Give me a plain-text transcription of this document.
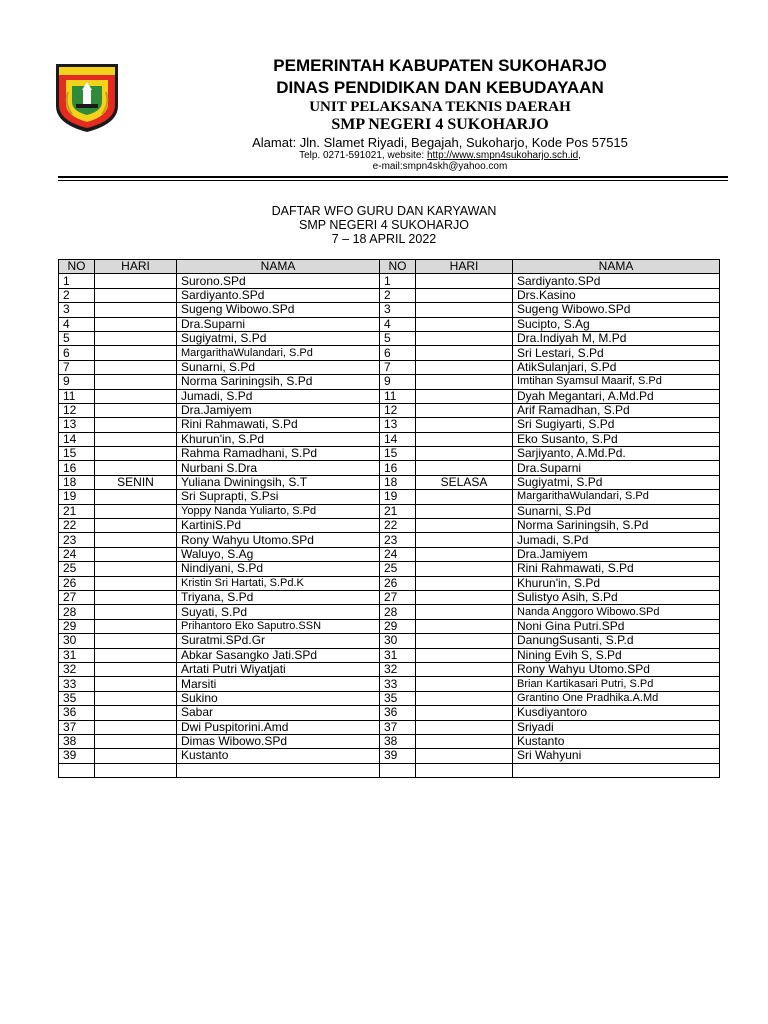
PEMERINTAH KABUPATEN SUKOHARJO
DINAS PENDIDIKAN DAN KEBUDAYAAN
UNIT PELAKSANA TEKNIS DAERAH
SMP NEGERI 4 SUKOHARJO
Alamat: Jln. Slamet Riyadi, Begajah, Sukoharjo, Kode Pos 57515
Telp. 0271-591021, website: http://www.smpn4sukoharjo.sch.id,
e-mail:smpn4skh@yahoo.com
DAFTAR WFO GURU DAN KARYAWAN
SMP NEGERI 4 SUKOHARJO
7 – 18 APRIL 2022
NO	HARI	NAMA	NO	HARI	NAMA
1		Surono.SPd	1		Sardiyanto.SPd
2		Sardiyanto.SPd	2		Drs.Kasino
3		Sugeng Wibowo.SPd	3		Sugeng Wibowo.SPd
4		Dra.Suparni	4		Sucipto, S.Ag
5		Sugiyatmi, S.Pd	5		Dra.Indiyah M, M.Pd
6		MargarithaWulandari, S.Pd	6		Sri Lestari, S.Pd
7		Sunarni, S.Pd	7		AtikSulanjari, S.Pd
9		Norma Sariningsih, S.Pd	9		Imtihan Syamsul Maarif, S.Pd
11		Jumadi, S.Pd	11		Dyah Megantari, A.Md.Pd
12		Dra.Jamiyem	12		Arif Ramadhan, S.Pd
13		Rini Rahmawati, S.Pd	13		Sri Sugiyarti, S.Pd
14		Khurun'in, S.Pd	14		Eko Susanto, S.Pd
15		Rahma Ramadhani, S.Pd	15		Sarjiyanto, A.Md.Pd.
16		Nurbani S.Dra	16		Dra.Suparni
18	SENIN	Yuliana Dwiningsih, S.T	18	SELASA	Sugiyatmi, S.Pd
19		Sri Suprapti, S.Psi	19		MargarithaWulandari, S.Pd
21		Yoppy Nanda Yuliarto, S.Pd	21		Sunarni, S.Pd
22		KartiniS.Pd	22		Norma Sariningsih, S.Pd
23		Rony Wahyu Utomo.SPd	23		Jumadi, S.Pd
24		Waluyo, S.Ag	24		Dra.Jamiyem
25		Nindiyani, S.Pd	25		Rini Rahmawati, S.Pd
26		Kristin Sri Hartati, S.Pd.K	26		Khurun'in, S.Pd
27		Triyana, S.Pd	27		Sulistyo Asih, S.Pd
28		Suyati, S.Pd	28		Nanda Anggoro Wibowo.SPd
29		Prihantoro Eko Saputro.SSN	29		Noni Gina Putri.SPd
30		Suratmi.SPd.Gr	30		DanungSusanti, S.P.d
31		Abkar Sasangko Jati.SPd	31		Nining Evih S, S.Pd
32		Artati Putri Wiyatjati	32		Rony Wahyu Utomo.SPd
33		Marsiti	33		Brian Kartikasari Putri, S.Pd
35		Sukino	35		Grantino One Pradhika.A.Md
36		Sabar	36		Kusdiyantoro
37		Dwi Puspitorini.Amd	37		Sriyadi
38		Dimas Wibowo.SPd	38		Kustanto
39		Kustanto	39		Sri Wahyuni
